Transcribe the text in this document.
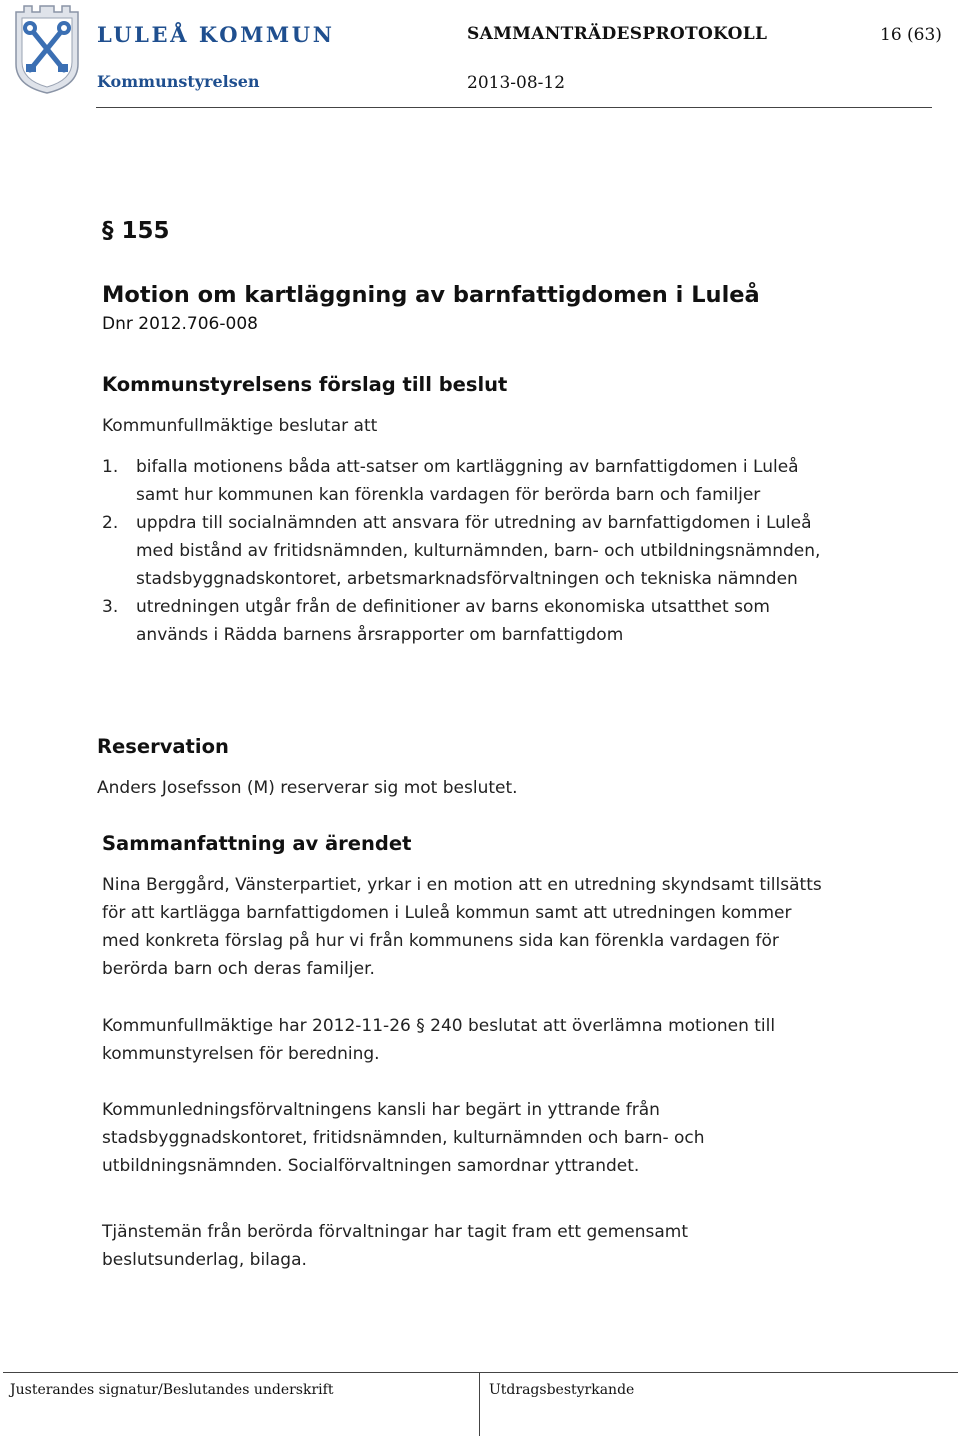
LULEÅ KOMMUN
Kommunstyrelsen
SAMMANTRÄDESPROTOKOLL
2013-08-12
16 (63)
§ 155
Motion om kartläggning av barnfattigdomen i Luleå
Dnr 2012.706-008
Kommunstyrelsens förslag till beslut
Kommunfullmäktige beslutar att
1. bifalla motionens båda att-satser om kartläggning av barnfattigdomen i Luleå samt hur kommunen kan förenkla vardagen för berörda barn och familjer
2. uppdra till socialnämnden att ansvara för utredning av barnfattigdomen i Luleå med bistånd av fritidsnämnden, kulturnämnden, barn- och utbildningsnämnden, stadsbyggnadskontoret, arbetsmarknadsförvaltningen och tekniska nämnden
3. utredningen utgår från de definitioner av barns ekonomiska utsatthet som används i Rädda barnens årsrapporter om barnfattigdom
Reservation
Anders Josefsson (M) reserverar sig mot beslutet.
Sammanfattning av ärendet

Nina Berggård, Vänsterpartiet, yrkar i en motion att en utredning skyndsamt tillsätts för att kartlägga barnfattigdomen i Luleå kommun samt att utredningen kommer med konkreta förslag på hur vi från kommunens sida kan förenkla vardagen för berörda barn och deras familjer.

Kommunfullmäktige har 2012-11-26 § 240 beslutat att överlämna motionen till kommunstyrelsen för beredning.

Kommunledningsförvaltningens kansli har begärt in yttrande från stadsbyggnadskontoret, fritidsnämnden, kulturnämnden och barn- och utbildningsnämnden. Socialförvaltningen samordnar yttrandet.

Tjänstemän från berörda förvaltningar har tagit fram ett gemensamt beslutsunderlag, bilaga.

Justerandes signatur/Beslutandes underskrift	Utdragsbestyrkande
